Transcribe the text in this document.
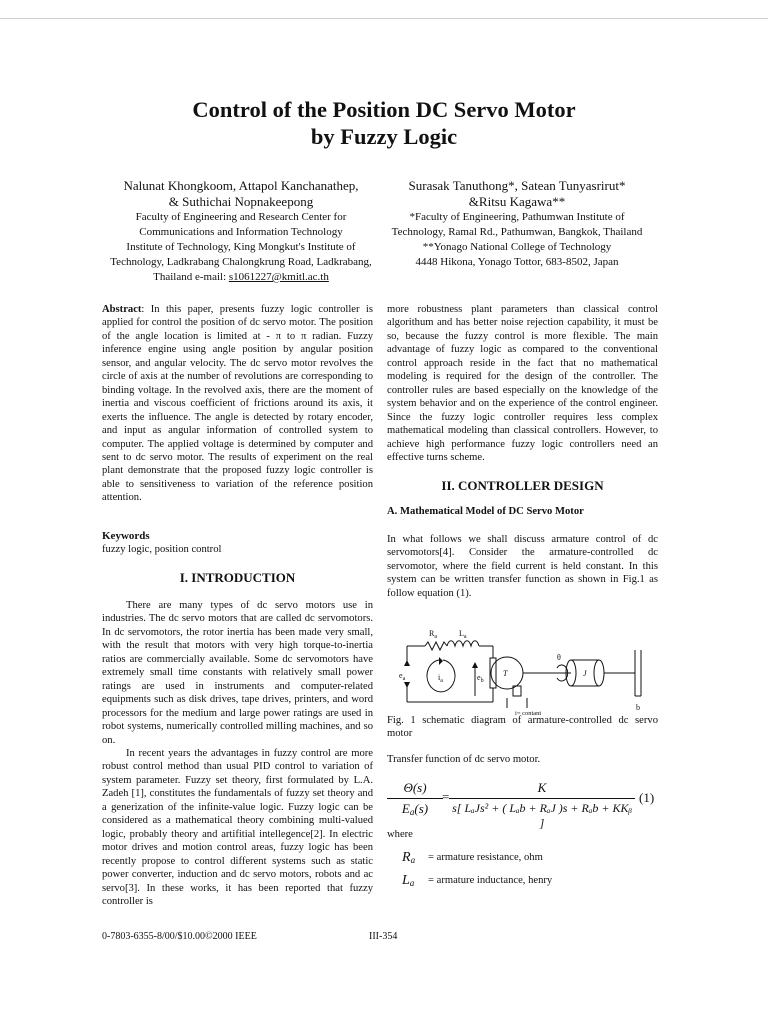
Control of the Position DC Servo Motor
by Fuzzy Logic
Nalunat Khongkoom, Attapol Kanchanathep,
& Suthichai Nopnakeepong
Faculty of Engineering and Research Center for
Communications and Information Technology
Institute of Technology, King Mongkut's Institute of
Technology, Ladkrabang Chalongkrung Road, Ladkrabang,
Thailand e-mail: s1061227@kmitl.ac.th
Surasak Tanuthong*, Satean Tunyasrirut*
&Ritsu Kagawa**
*Faculty of Engineering, Pathumwan Institute of
Technology, Ramal Rd., Pathumwan, Bangkok, Thailand
**Yonago National College of Technology
4448 Hikona, Yonago Tottor, 683-8502, Japan

Abstract: In this paper, presents fuzzy logic controller is applied for control the position of dc servo motor. The position of the angle location is limited at - π to π radian. Fuzzy inference engine using angle position by angular position sensor, and angular velocity. The dc servo motor revolves the circle of axis at the number of revolutions are corresponding to binding voltage. In the revolved axis, there are the moment of inertia and viscous coefficient of frictions around its axis, it exerts the influence. The angle is detected by rotary encoder, and input as angular information of controlled system to computer. The applied voltage is determined by computer and sent to dc servo motor. The results of experiment on the real plant demonstrate that the proposed fuzzy logic controller is able to sensitiveness to variation of the reference position attention.

Keywords
fuzzy logic, position control
I. INTRODUCTION

There are many types of dc servo motors use in industries. The dc servo motors that are called dc servomotors. In dc servomotors, the rotor inertia has been made very small, with the result that motors with very high torque-to-inertia ratios are commercially available. Some dc servomotors have extremely small time constants with relatively small power ratings are used in instruments and computer-related equipments such as disk drives, tape drives, printers, and word processors for the medium and large power ratings are used in robot systems, numerically controlled milling machines, and so on.

In recent years the advantages in fuzzy control are more robust control method than usual PID control to variation of system parameter. Fuzzy set theory, first formulated by L.A. Zadeh [1], constitutes the fundamentals of fuzzy set theory and a generization of the infinite-value logic. Fuzzy logic can be considered as a mathematical theory combining multi-valued logic, probably theory and artifitial intellegence[2]. In electric motor drives and motion control areas, fuzzy logic has been recently propose to control different systems such as static power converter, induction and dc servo motors, robots and ac servo[3]. In these works, it has been reported that fuzzy controller is

more robustness plant parameters than classical control algorithum and has better noise rejection capability, it must be so, because the fuzzy control is more flexible. The main advantage of fuzzy logic as compared to the conventional control approach reside in the fact that no mathematical modeling is required for the design of the controller. The controller rules are based especially on the knowledge of the system behavior and on the experience of the control engineer. Since the fuzzy logic controller requires less complex mathematical modeling than classical controllers. However, to achieve high performance fuzzy logic controllers need an effective turns scheme.

II. CONTROLLER DESIGN
A. Mathematical Model of DC Servo Motor

In what follows we shall discuss armature control of dc servomotors[4]. Consider the armature-controlled dc servomotor, where the field current is held constant. In this system can be written transfer function as shown in Fig.1 as follow equation (1).

$R_a$	$L_a$
$e_a$	$i_a$	$e_b$
T
θ
J
i= contant
b
Fig. 1 schematic diagram of armature-controlled dc servo motor
Transfer function of dc servo motor.
Θ(s)
$E_a(s)$
=
K
s[ LₐJs² + ( Lₐb + RₐJ )s + Rₐb + KKᵦ ]
(1)
where
$R_a$	= armature resistance, ohm
$L_a$	= armature inductance, henry
0-7803-6355-8/00/$10.00©2000 IEEE	III-354
